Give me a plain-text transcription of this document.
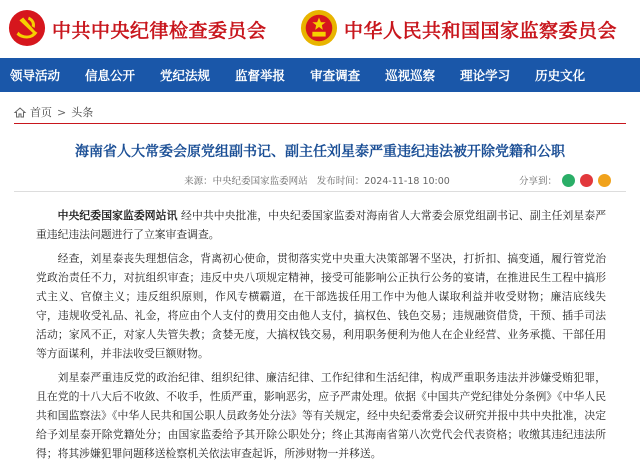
中共中央纪律检查委员会	中华人民共和国国家监察委员会
领导活动 信息公开 党纪法规 监督举报 审查调查 巡视巡察 理论学习 历史文化
首页 > 头条
海南省人大常委会原党组副书记、副主任刘星泰严重违纪违法被开除党籍和公职
来源：中央纪委国家监委网站 发布时间：2024-11-18 10:00	分享到：

中央纪委国家监委网站讯 经中共中央批准，中央纪委国家监委对海南省人大常委会原党组副书记、副主任刘星泰严重违纪违法问题进行了立案审查调查。

经查，刘星泰丧失理想信念，背离初心使命，贯彻落实党中央重大决策部署不坚决，打折扣、搞变通，履行管党治党政治责任不力，对抗组织审查；违反中央八项规定精神，接受可能影响公正执行公务的宴请，在推进民生工程中搞形式主义、官僚主义；违反组织原则，作风专横霸道，在干部选拔任用工作中为他人谋取利益并收受财物；廉洁底线失守，违规收受礼品、礼金，将应由个人支付的费用交由他人支付，搞权色、钱色交易；违规融资借贷，干预、插手司法活动；家风不正，对家人失管失教；贪婪无度，大搞权钱交易，利用职务便利为他人在企业经营、业务承揽、干部任用等方面谋利，并非法收受巨额财物。

刘星泰严重违反党的政治纪律、组织纪律、廉洁纪律、工作纪律和生活纪律，构成严重职务违法并涉嫌受贿犯罪，且在党的十八大后不收敛、不收手，性质严重，影响恶劣，应予严肃处理。依据《中国共产党纪律处分条例》《中华人民共和国监察法》《中华人民共和国公职人员政务处分法》等有关规定，经中央纪委常委会议研究并报中共中央批准，决定给予刘星泰开除党籍处分；由国家监委给予其开除公职处分；终止其海南省第八次党代会代表资格；收缴其违纪违法所得；将其涉嫌犯罪问题移送检察机关依法审查起诉，所涉财物一并移送。
